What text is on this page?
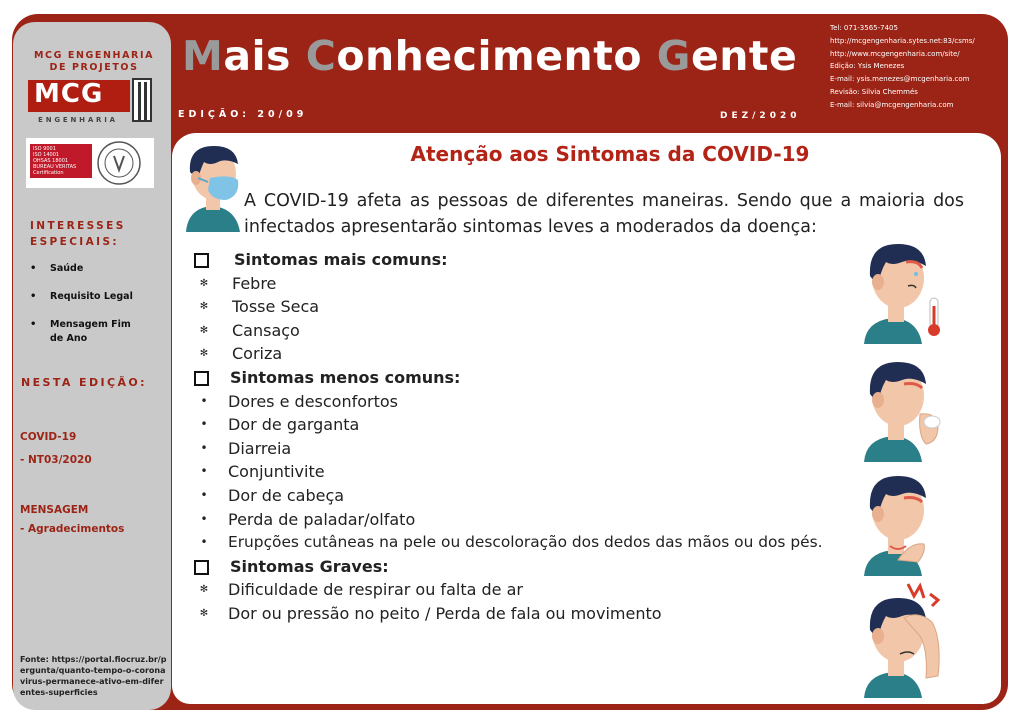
MCG ENGENHARIA
DE PROJETOS
MCG
ENGENHARIA
ISO 9001
ISO 14001
OHSAS 18001
BUREAU VERITAS
Certification
INTERESSES
ESPECIAIS:
• Saúde
• Requisito Legal
• Mensagem Fim
de Ano
NESTA EDIÇÃO:
COVID-19
- NT03/2020
MENSAGEM
- Agradecimentos
Fonte: https://portal.fiocruz.br/pergunta/quanto-tempo-o-coronavirus-permanece-ativo-em-diferentes-superficies
Mais Conhecimento Gente
EDIÇÃO: 20/09	DEZ/2020
Tel: 071-3565-7405
http://mcgengenharia.sytes.net:83/csms/
http://www.mcgengenharia.com/site/
Edição: Ysis Menezes
E-mail: ysis.menezes@mcgenharia.com
Revisão: Silvia Chemmés
E-mail: silvia@mcgengenharia.com
Atenção aos Sintomas da COVID-19
A COVID-19 afeta as pessoas de diferentes maneiras. Sendo que a maioria dos infectados apresentarão sintomas leves a moderados da doença:
Sintomas mais comuns:
✻	Febre
✻	Tosse Seca
✻	Cansaço
✻	Coriza
Sintomas menos comuns:
•	Dores e desconfortos
•	Dor de garganta
•	Diarreia
•	Conjuntivite
•	Dor de cabeça
•	Perda de paladar/olfato
•	Erupções cutâneas na pele ou descoloração dos dedos das mãos ou dos pés.
Sintomas Graves:
✻	Dificuldade de respirar ou falta de ar
✻	Dor ou pressão no peito / Perda de fala ou movimento
